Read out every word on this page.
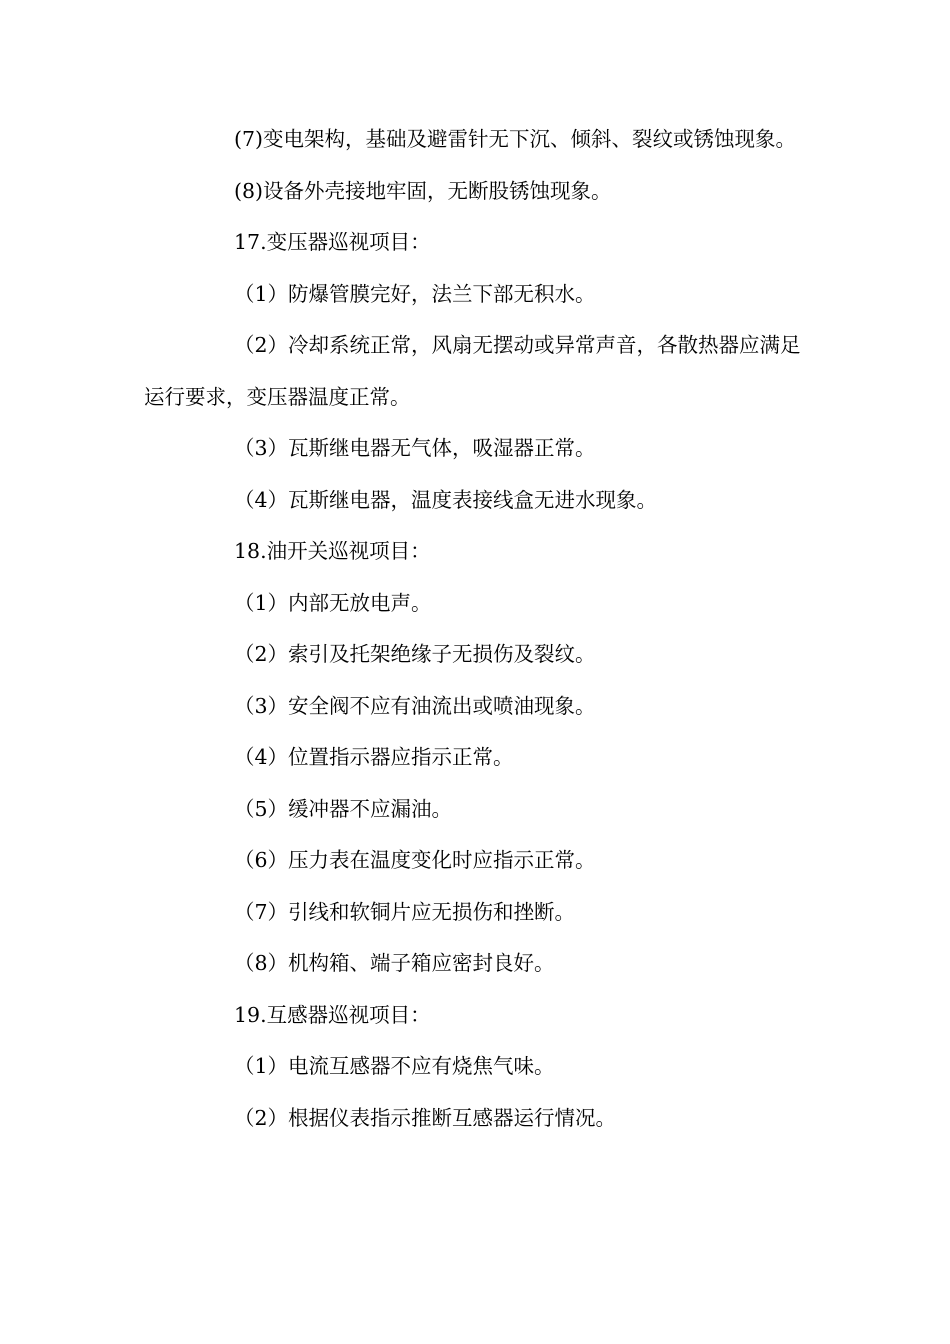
(7)变电架构，基础及避雷针无下沉、倾斜、裂纹或锈蚀现象。

(8)设备外壳接地牢固，无断股锈蚀现象。

17.变压器巡视项目：

（1）防爆管膜完好，法兰下部无积水。

（2）冷却系统正常，风扇无摆动或异常声音，各散热器应满足运行要求，变压器温度正常。

（3）瓦斯继电器无气体，吸湿器正常。

（4）瓦斯继电器，温度表接线盒无进水现象。

18.油开关巡视项目：

（1）内部无放电声。

（2）索引及托架绝缘子无损伤及裂纹。

（3）安全阀不应有油流出或喷油现象。

（4）位置指示器应指示正常。

（5）缓冲器不应漏油。

（6）压力表在温度变化时应指示正常。

（7）引线和软铜片应无损伤和挫断。

（8）机构箱、端子箱应密封良好。

19.互感器巡视项目：

（1）电流互感器不应有烧焦气味。

（2）根据仪表指示推断互感器运行情况。
